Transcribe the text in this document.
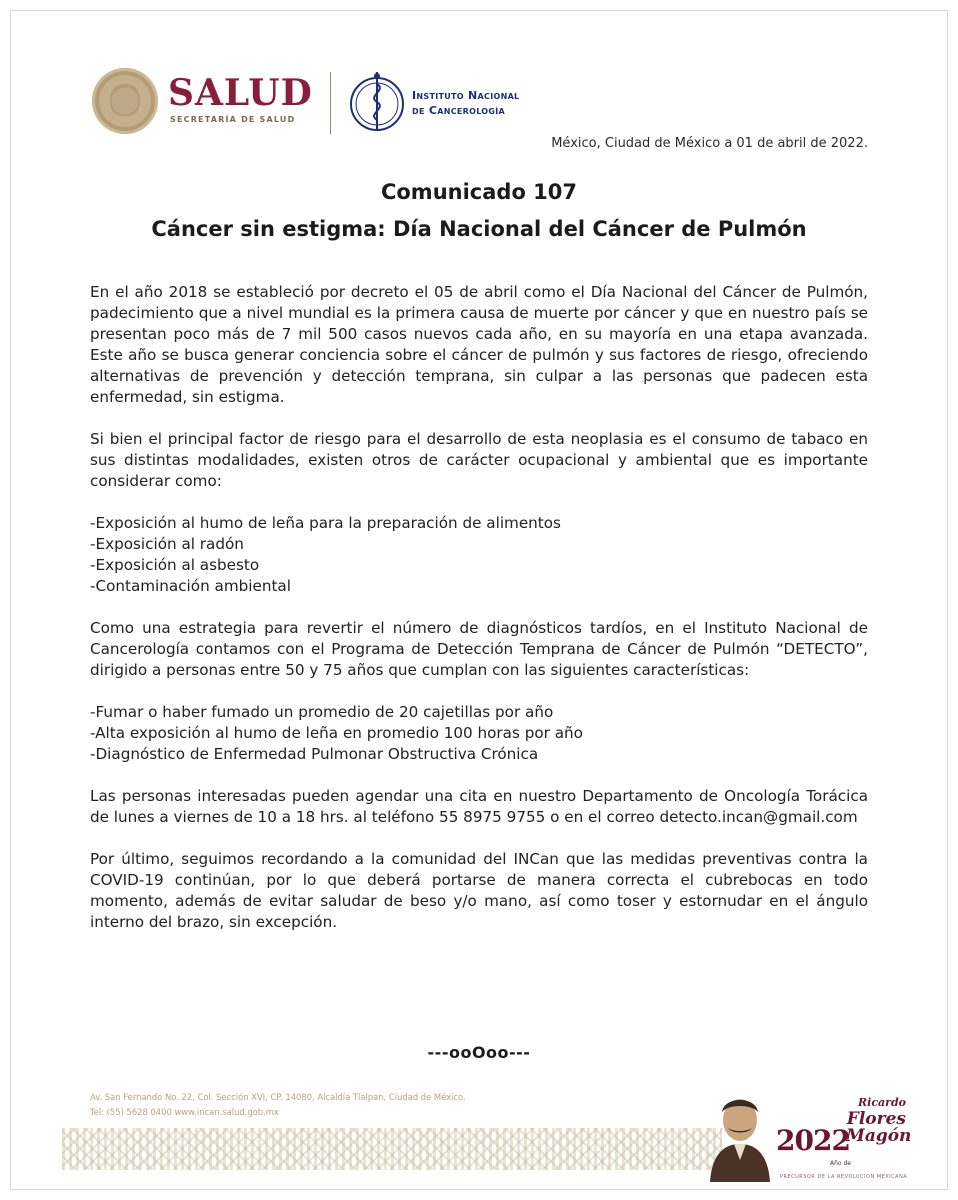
SALUD
SECRETARÍA DE SALUD
Instituto Nacional
de Cancerología
México, Ciudad de México a 01 de abril de 2022.
Comunicado 107
Cáncer sin estigma: Día Nacional del Cáncer de Pulmón

En el año 2018 se estableció por decreto el 05 de abril como el Día Nacional del Cáncer de Pulmón, padecimiento que a nivel mundial es la primera causa de muerte por cáncer y que en nuestro país se presentan poco más de 7 mil 500 casos nuevos cada año, en su mayoría en una etapa avanzada. Este año se busca generar conciencia sobre el cáncer de pulmón y sus factores de riesgo, ofreciendo alternativas de prevención y detección temprana, sin culpar a las personas que padecen esta enfermedad, sin estigma.

Si bien el principal factor de riesgo para el desarrollo de esta neoplasia es el consumo de tabaco en sus distintas modalidades, existen otros de carácter ocupacional y ambiental que es importante considerar como:

-Exposición al humo de leña para la preparación de alimentos

-Exposición al radón

-Exposición al asbesto

-Contaminación ambiental

Como una estrategia para revertir el número de diagnósticos tardíos, en el Instituto Nacional de Cancerología contamos con el Programa de Detección Temprana de Cáncer de Pulmón “DETECTO”, dirigido a personas entre 50 y 75 años que cumplan con las siguientes características:

-Fumar o haber fumado un promedio de 20 cajetillas por año

-Alta exposición al humo de leña en promedio 100 horas por año

-Diagnóstico de Enfermedad Pulmonar Obstructiva Crónica

Las personas interesadas pueden agendar una cita en nuestro Departamento de Oncología Torácica de lunes a viernes de 10 a 18 hrs. al teléfono 55 8975 9755 o en el correo detecto.incan@gmail.com

Por último, seguimos recordando a la comunidad del INCan que las medidas preventivas contra la COVID-19 continúan, por lo que deberá portarse de manera correcta el cubrebocas en todo momento, además de evitar saludar de beso y/o mano, así como toser y estornudar en el ángulo interno del brazo, sin excepción.

---ooOoo---
Av. San Fernando No. 22, Col. Sección XVI, CP. 14080, Alcaldía Tlalpan, Ciudad de México.
Tel: (55) 5628 0400 www.incan.salud.gob.mx
2022
Año de
Ricardo
Flores
Magón
PRECURSOR DE LA REVOLUCIÓN MEXICANA
